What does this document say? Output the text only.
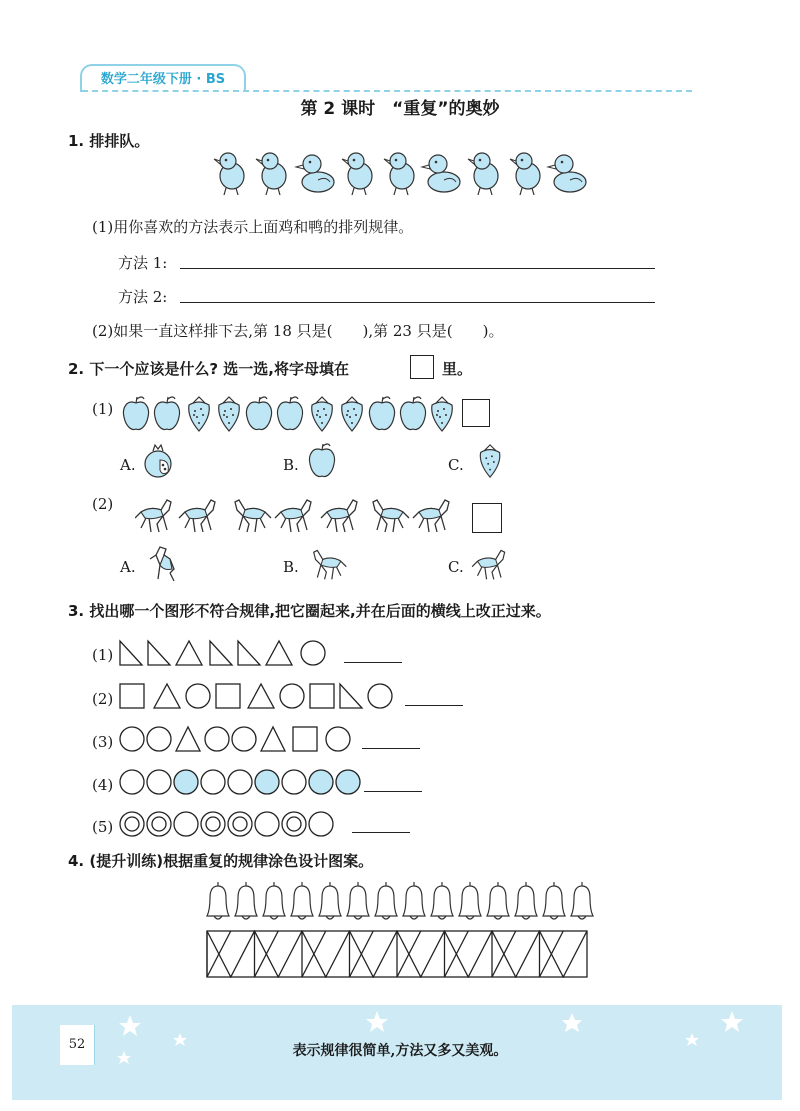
数学二年级下册 · BS
第 2 课时　“重复”的奥妙
1. 排排队。
(1)用你喜欢的方法表示上面鸡和鸭的排列规律。
方法 1:
方法 2:
(2)如果一直这样排下去,第 18 只是(　　),第 23 只是(　　)。
2. 下一个应该是什么? 选一选,将字母填在	里。
(1)
A.	B.	C.
(2)
A.	B.	C.
3. 找出哪一个图形不符合规律,把它圈起来,并在后面的横线上改正过来。
(1)
(2)
(3)
(4)
(5)
4. (提升训练)根据重复的规律涂色设计图案。
52	表示规律很简单,方法又多又美观。
